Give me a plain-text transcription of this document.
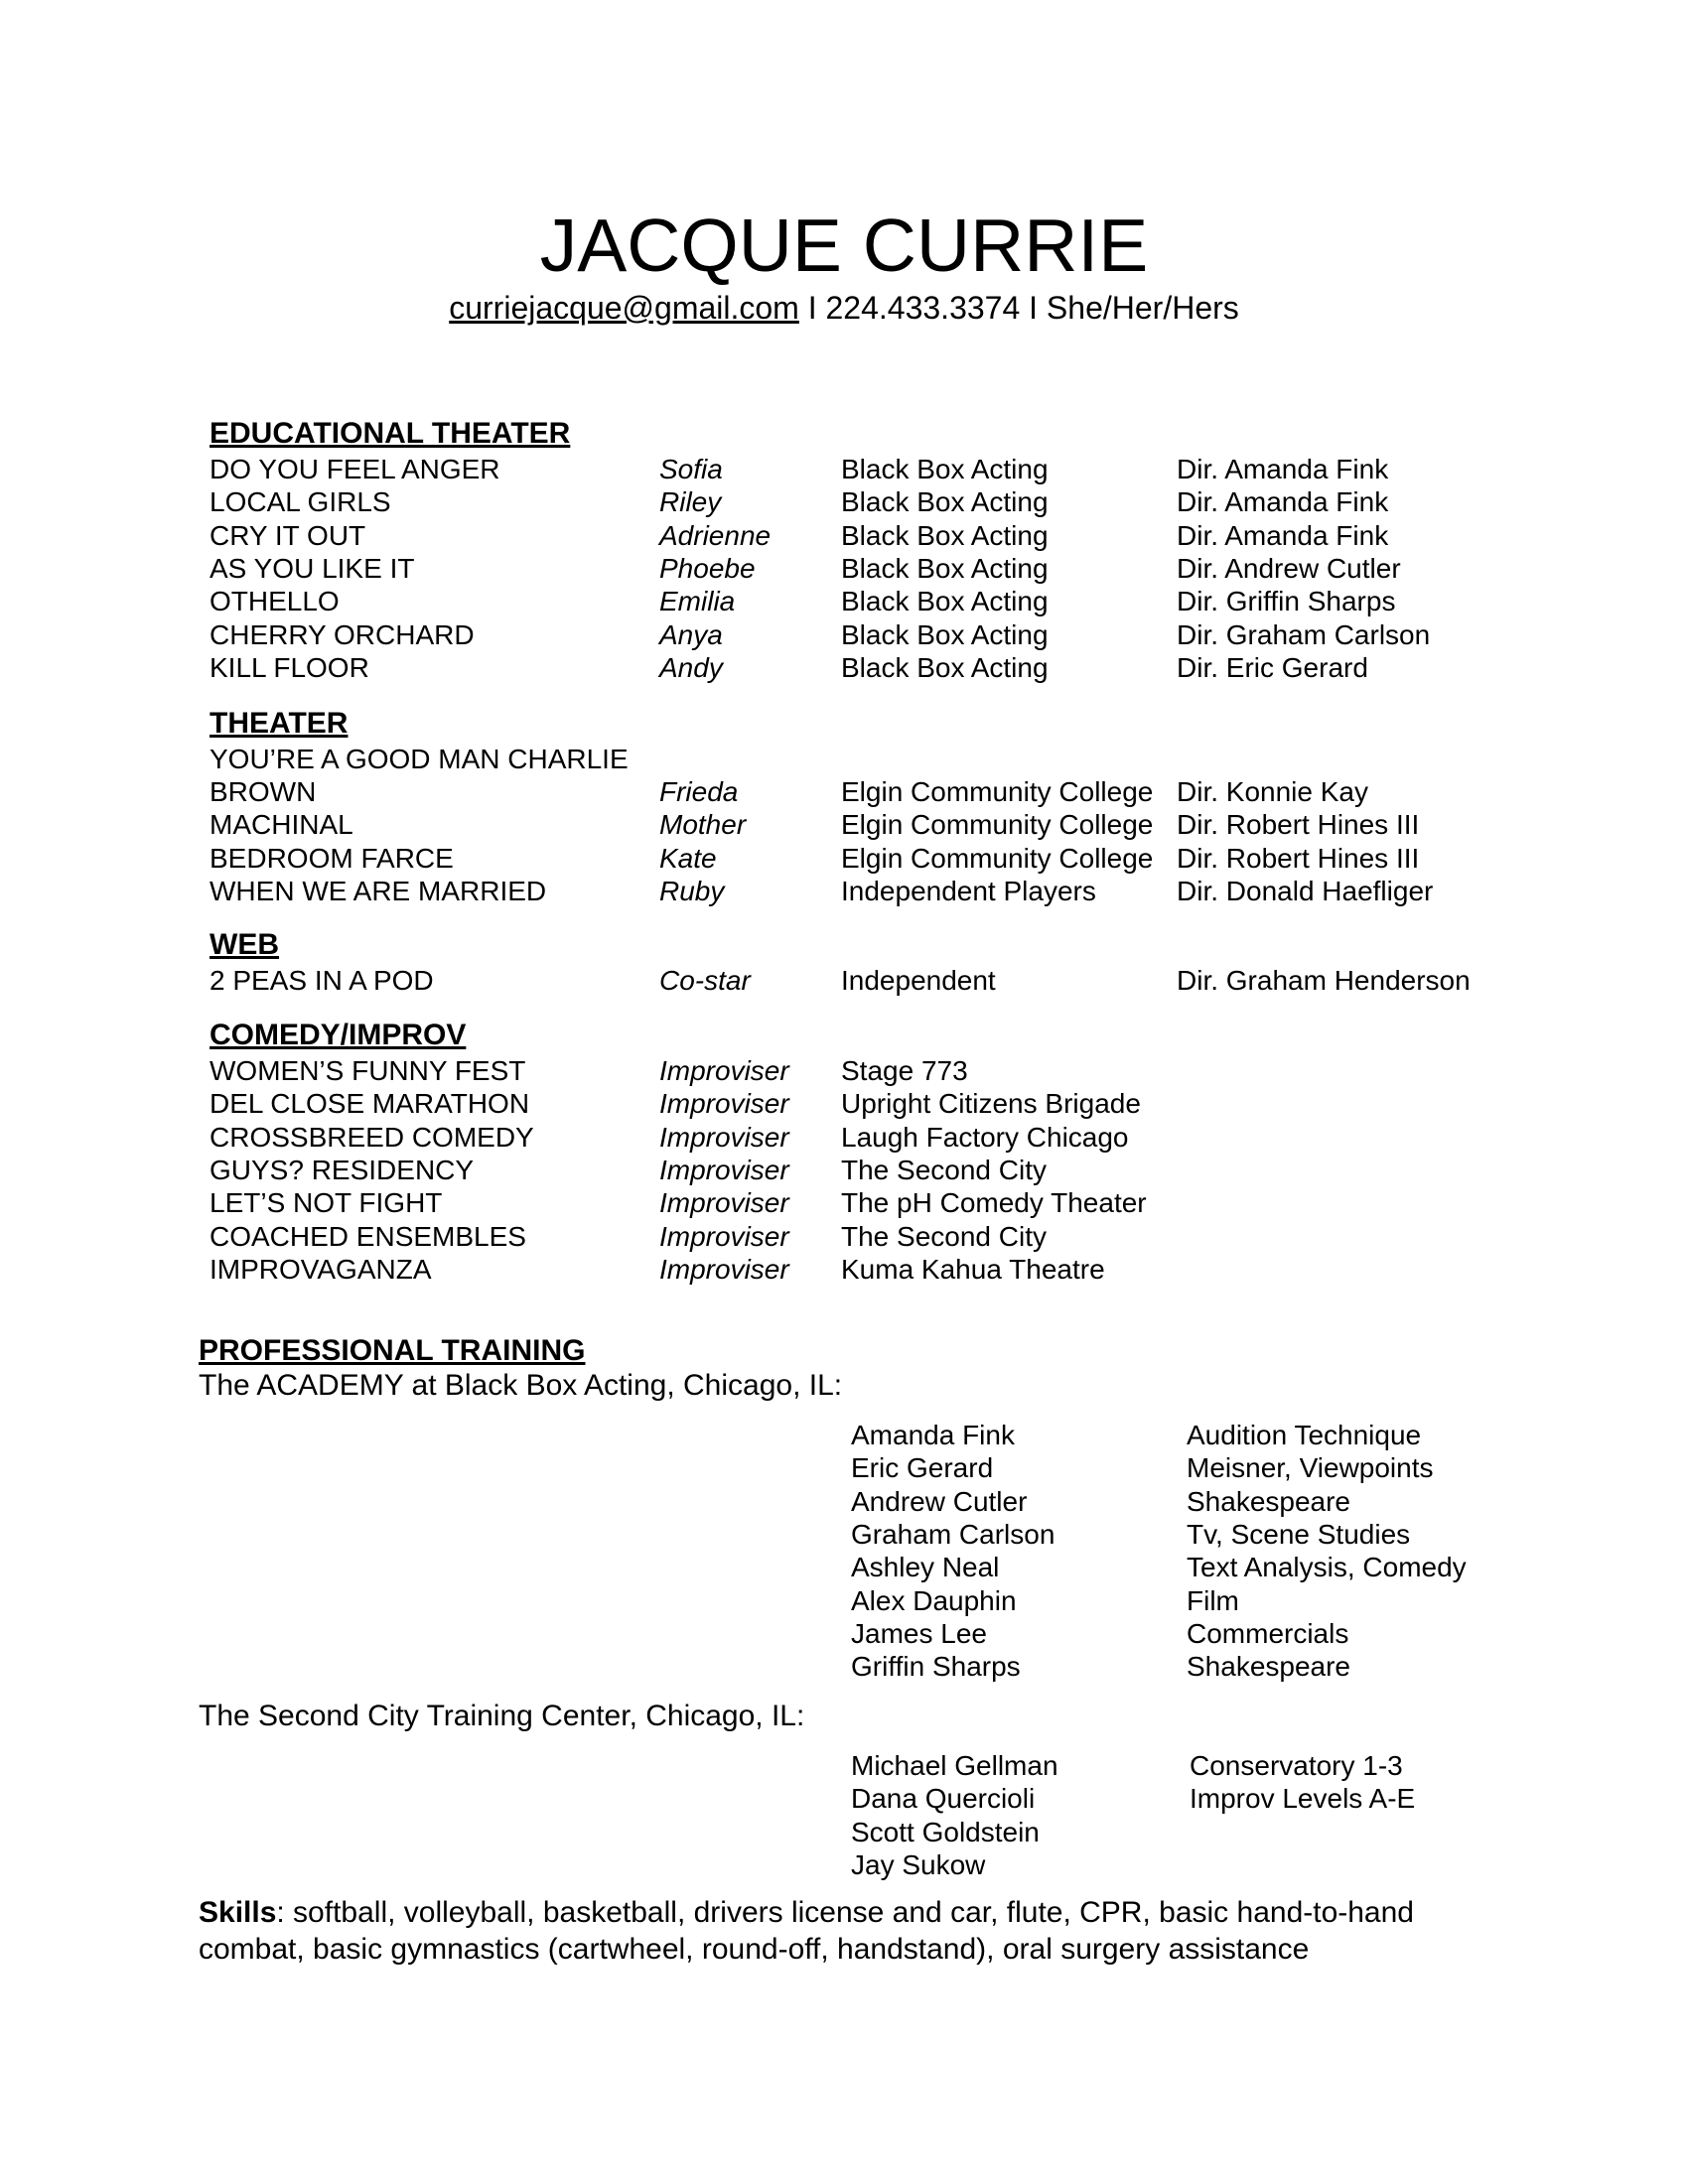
JACQUE CURRIE
curriejacque@gmail.com I 224.433.3374 I She/Her/Hers
EDUCATIONAL THEATER
DO YOU FEEL ANGER	Sofia	Black Box Acting	Dir. Amanda Fink
LOCAL GIRLS	Riley	Black Box Acting	Dir. Amanda Fink
CRY IT OUT	Adrienne	Black Box Acting	Dir. Amanda Fink
AS YOU LIKE IT	Phoebe	Black Box Acting	Dir. Andrew Cutler
OTHELLO	Emilia	Black Box Acting	Dir. Griffin Sharps
CHERRY ORCHARD	Anya	Black Box Acting	Dir. Graham Carlson
KILL FLOOR	Andy	Black Box Acting	Dir. Eric Gerard
THEATER
YOU’RE A GOOD MAN CHARLIE
BROWN	Frieda	Elgin Community College Dir. Konnie Kay
MACHINAL	Mother	Elgin Community College Dir. Robert Hines III
BEDROOM FARCE	Kate	Elgin Community College Dir. Robert Hines III
WHEN WE ARE MARRIED	Ruby	Independent Players	Dir. Donald Haefliger
WEB
2 PEAS IN A POD	Co-star	Independent	Dir. Graham Henderson
COMEDY/IMPROV
WOMEN’S FUNNY FEST	Improviser Stage 773
DEL CLOSE MARATHON	Improviser Upright Citizens Brigade
CROSSBREED COMEDY	Improviser Laugh Factory Chicago
GUYS? RESIDENCY	Improviser The Second City
LET’S NOT FIGHT	Improviser The pH Comedy Theater
COACHED ENSEMBLES	Improviser The Second City
IMPROVAGANZA	Improviser Kuma Kahua Theatre
PROFESSIONAL TRAINING
The ACADEMY at Black Box Acting, Chicago, IL:
Amanda Fink	Audition Technique
Eric Gerard	Meisner, Viewpoints
Andrew Cutler	Shakespeare
Graham Carlson	Tv, Scene Studies
Ashley Neal	Text Analysis, Comedy
Alex Dauphin	Film
James Lee	Commercials
Griffin Sharps	Shakespeare
The Second City Training Center, Chicago, IL:
Michael Gellman	Conservatory 1-3
Dana Quercioli	Improv Levels A-E
Scott Goldstein
Jay Sukow
Skills: softball, volleyball, basketball, drivers license and car, flute, CPR, basic hand-to-hand combat, basic gymnastics (cartwheel, round-off, handstand), oral surgery assistance
